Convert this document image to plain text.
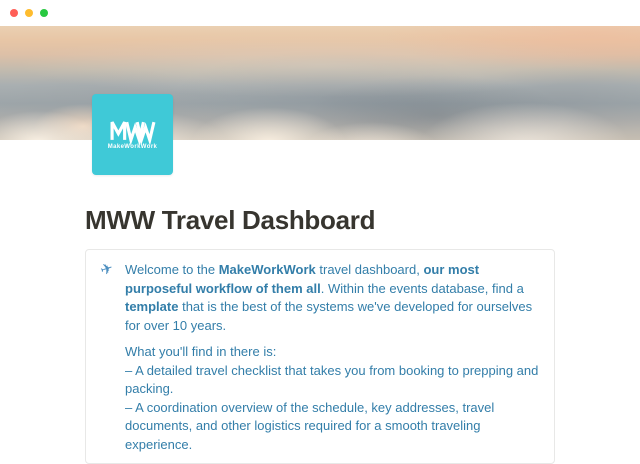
MakeWorkWork
MWW Travel Dashboard
✈ Welcome to the MakeWorkWork travel dashboard, our most purposeful workflow of them all. Within the events database, find a template that is the best of the systems we've developed for ourselves for over 10 years.
What you'll find in there is:
– A detailed travel checklist that takes you from booking to prepping and packing.
– A coordination overview of the schedule, key addresses, travel documents, and other logistics required for a smooth traveling experience.
